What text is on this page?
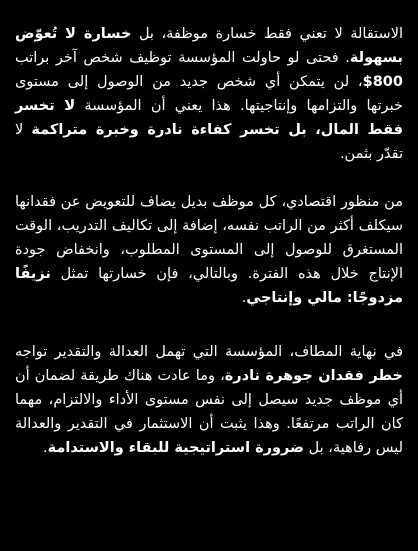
الاستقالة لا تعني فقط خسارة موظفة، بل خسارة لا تُعوّض بسهولة. فحتى لو حاولت المؤسسة توظيف شخص آخر براتب 800$، لن يتمكن أي شخص جديد من الوصول إلى مستوى خبرتها والتزامها وإنتاجيتها. هذا يعني أن المؤسسة لا تخسر فقط المال، بل تخسر كفاءة نادرة وخبرة متراكمة لا تقدّر بثمن.

من منظور اقتصادي، كل موظف بديل يضاف للتعويض عن فقدانها سيكلف أكثر من الراتب نفسه، إضافة إلى تكاليف التدريب، الوقت المستغرق للوصول إلى المستوى المطلوب، وانخفاض جودة الإنتاج خلال هذه الفترة. وبالتالي، فإن خسارتها تمثل نزيفًا مزدوجًا: مالي وإنتاجي.

في نهاية المطاف، المؤسسة التي تهمل العدالة والتقدير تواجه خطر فقدان جوهرة نادرة، وما عادت هناك طريقة لضمان أن أي موظف جديد سيصل إلى نفس مستوى الأداء والالتزام، مهما كان الراتب مرتفعًا. وهذا يثبت أن الاستثمار في التقدير والعدالة ليس رفاهية، بل ضرورة استراتيجية للبقاء والاستدامة.
